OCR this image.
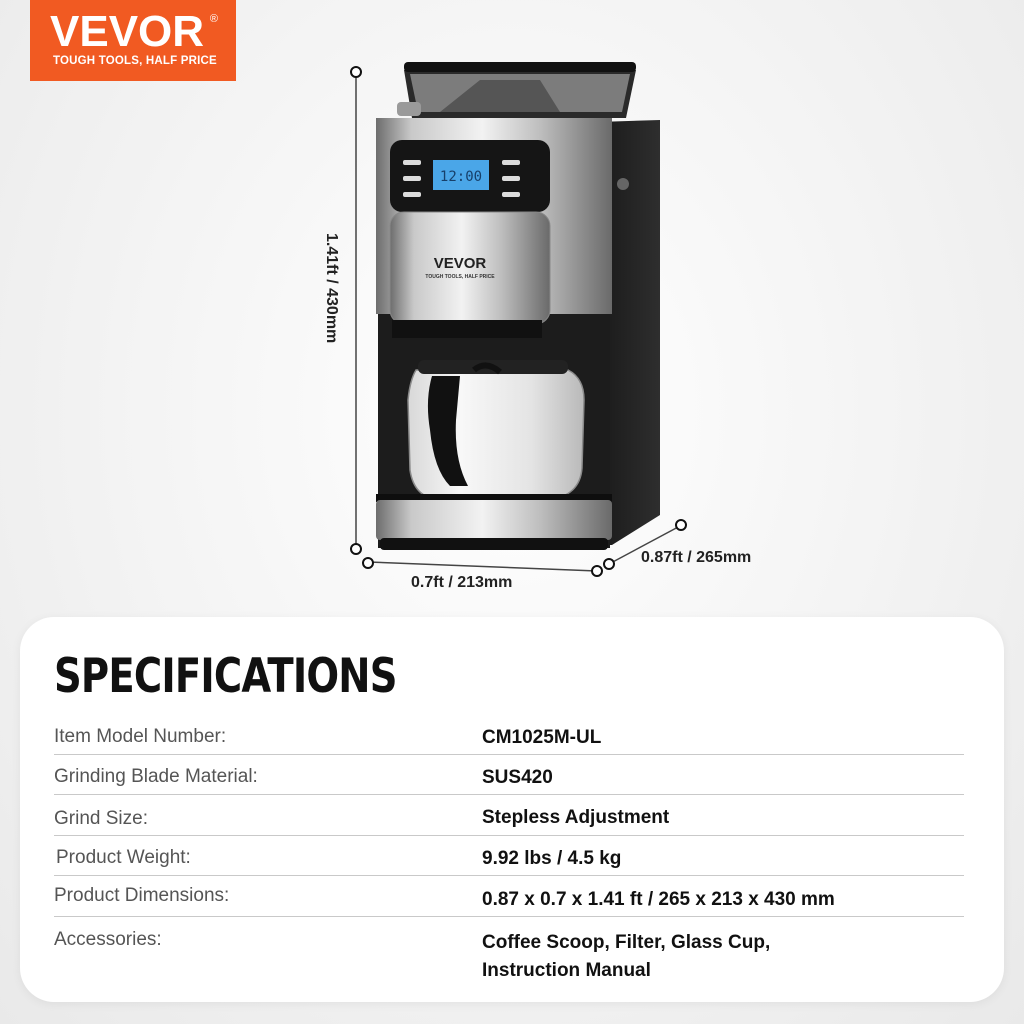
VEVOR ®
TOUGH TOOLS, HALF PRICE
12:00
VEVOR
TOUGH TOOLS, HALF PRICE
1.41ft / 430mm
0.7ft / 213mm
0.87ft / 265mm
SPECIFICATIONS
Item Model Number:	CM1025M-UL
Grinding Blade Material:	SUS420
Grind Size:	Stepless Adjustment
Product Weight:	9.92 lbs / 4.5 kg
Product Dimensions:	0.87 x 0.7 x 1.41 ft / 265 x 213 x 430 mm
Accessories:	Coffee Scoop, Filter, Glass Cup,
Instruction Manual
